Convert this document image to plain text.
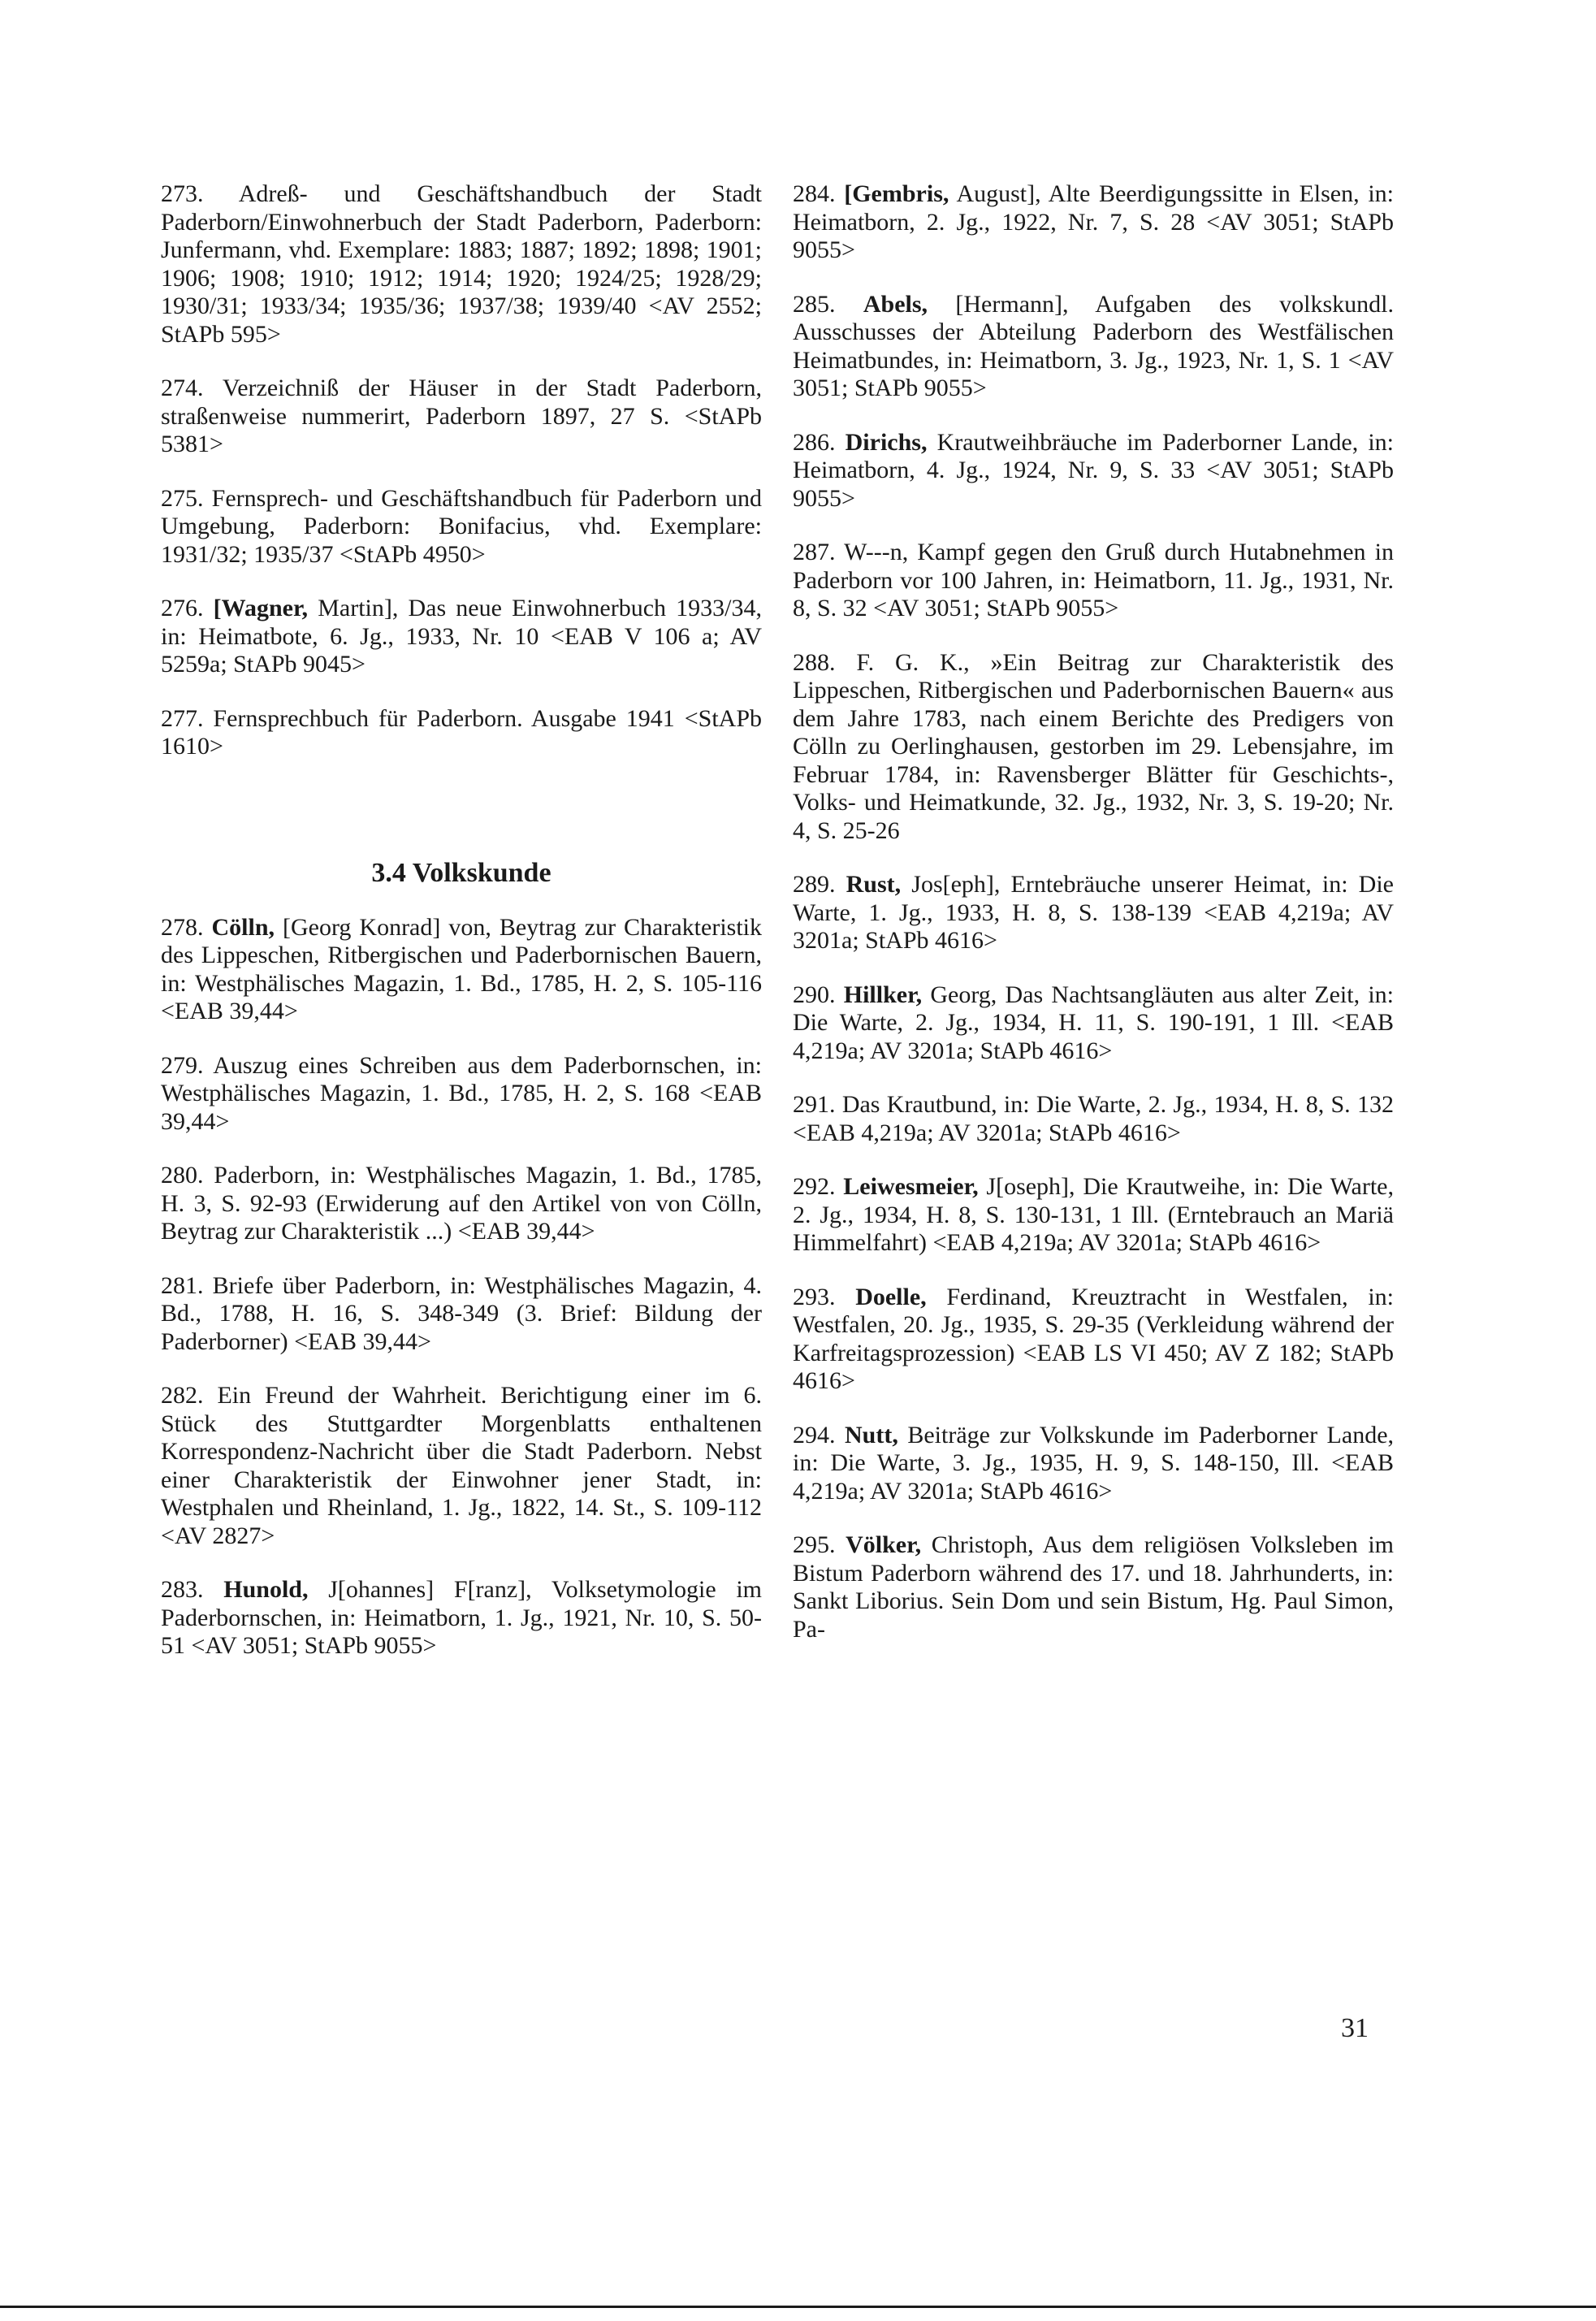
273. Adreß- und Geschäftshandbuch der Stadt Paderborn/Einwohnerbuch der Stadt Paderborn, Paderborn: Junfermann, vhd. Exemplare: 1883; 1887; 1892; 1898; 1901; 1906; 1908; 1910; 1912; 1914; 1920; 1924/25; 1928/29; 1930/31; 1933/34; 1935/36; 1937/38; 1939/40 <AV 2552; StAPb 595>

274. Verzeichniß der Häuser in der Stadt Paderborn, straßenweise nummerirt, Paderborn 1897, 27 S. <StAPb 5381>

275. Fernsprech- und Geschäftshandbuch für Paderborn und Umgebung, Paderborn: Bonifacius, vhd. Exemplare: 1931/32; 1935/37 <StAPb 4950>

276. [Wagner, Martin], Das neue Einwohnerbuch 1933/34, in: Heimatbote, 6. Jg., 1933, Nr. 10 <EAB V 106 a; AV 5259a; StAPb 9045>

277. Fernsprechbuch für Paderborn. Ausgabe 1941 <StAPb 1610>

3.4 Volkskunde

278. Cölln, [Georg Konrad] von, Beytrag zur Charakteristik des Lippeschen, Ritbergischen und Paderbornischen Bauern, in: Westphälisches Magazin, 1. Bd., 1785, H. 2, S. 105-116 <EAB 39,44>

279. Auszug eines Schreiben aus dem Paderbornschen, in: Westphälisches Magazin, 1. Bd., 1785, H. 2, S. 168 <EAB 39,44>

280. Paderborn, in: Westphälisches Magazin, 1. Bd., 1785, H. 3, S. 92-93 (Erwiderung auf den Artikel von von Cölln, Beytrag zur Charakteristik ...) <EAB 39,44>

281. Briefe über Paderborn, in: Westphälisches Magazin, 4. Bd., 1788, H. 16, S. 348-349 (3. Brief: Bildung der Paderborner) <EAB 39,44>

282. Ein Freund der Wahrheit. Berichtigung einer im 6. Stück des Stuttgardter Morgenblatts enthaltenen Korrespondenz-Nachricht über die Stadt Paderborn. Nebst einer Charakteristik der Einwohner jener Stadt, in: Westphalen und Rheinland, 1. Jg., 1822, 14. St., S. 109-112 <AV 2827>

283. Hunold, J[ohannes] F[ranz], Volksetymologie im Paderbornschen, in: Heimatborn, 1. Jg., 1921, Nr. 10, S. 50-51 <AV 3051; StAPb 9055>

284. [Gembris, August], Alte Beerdigungssitte in Elsen, in: Heimatborn, 2. Jg., 1922, Nr. 7, S. 28 <AV 3051; StAPb 9055>

285. Abels, [Hermann], Aufgaben des volkskundl. Ausschusses der Abteilung Paderborn des Westfälischen Heimatbundes, in: Heimatborn, 3. Jg., 1923, Nr. 1, S. 1 <AV 3051; StAPb 9055>

286. Dirichs, Krautweihbräuche im Paderborner Lande, in: Heimatborn, 4. Jg., 1924, Nr. 9, S. 33 <AV 3051; StAPb 9055>

287. W---n, Kampf gegen den Gruß durch Hutabnehmen in Paderborn vor 100 Jahren, in: Heimatborn, 11. Jg., 1931, Nr. 8, S. 32 <AV 3051; StAPb 9055>

288. F. G. K., »Ein Beitrag zur Charakteristik des Lippeschen, Ritbergischen und Paderbornischen Bauern« aus dem Jahre 1783, nach einem Berichte des Predigers von Cölln zu Oerlinghausen, gestorben im 29. Lebensjahre, im Februar 1784, in: Ravensberger Blätter für Geschichts-, Volks- und Heimatkunde, 32. Jg., 1932, Nr. 3, S. 19-20; Nr. 4, S. 25-26

289. Rust, Jos[eph], Erntebräuche unserer Heimat, in: Die Warte, 1. Jg., 1933, H. 8, S. 138-139 <EAB 4,219a; AV 3201a; StAPb 4616>

290. Hillker, Georg, Das Nachtsangläuten aus alter Zeit, in: Die Warte, 2. Jg., 1934, H. 11, S. 190-191, 1 Ill. <EAB 4,219a; AV 3201a; StAPb 4616>

291. Das Krautbund, in: Die Warte, 2. Jg., 1934, H. 8, S. 132 <EAB 4,219a; AV 3201a; StAPb 4616>

292. Leiwesmeier, J[oseph], Die Krautweihe, in: Die Warte, 2. Jg., 1934, H. 8, S. 130-131, 1 Ill. (Erntebrauch an Mariä Himmelfahrt) <EAB 4,219a; AV 3201a; StAPb 4616>

293. Doelle, Ferdinand, Kreuztracht in Westfalen, in: Westfalen, 20. Jg., 1935, S. 29-35 (Verkleidung während der Karfreitagsprozession) <EAB LS VI 450; AV Z 182; StAPb 4616>

294. Nutt, Beiträge zur Volkskunde im Paderborner Lande, in: Die Warte, 3. Jg., 1935, H. 9, S. 148-150, Ill. <EAB 4,219a; AV 3201a; StAPb 4616>

295. Völker, Christoph, Aus dem religiösen Volksleben im Bistum Paderborn während des 17. und 18. Jahrhunderts, in: Sankt Liborius. Sein Dom und sein Bistum, Hg. Paul Simon, Pa-

31
